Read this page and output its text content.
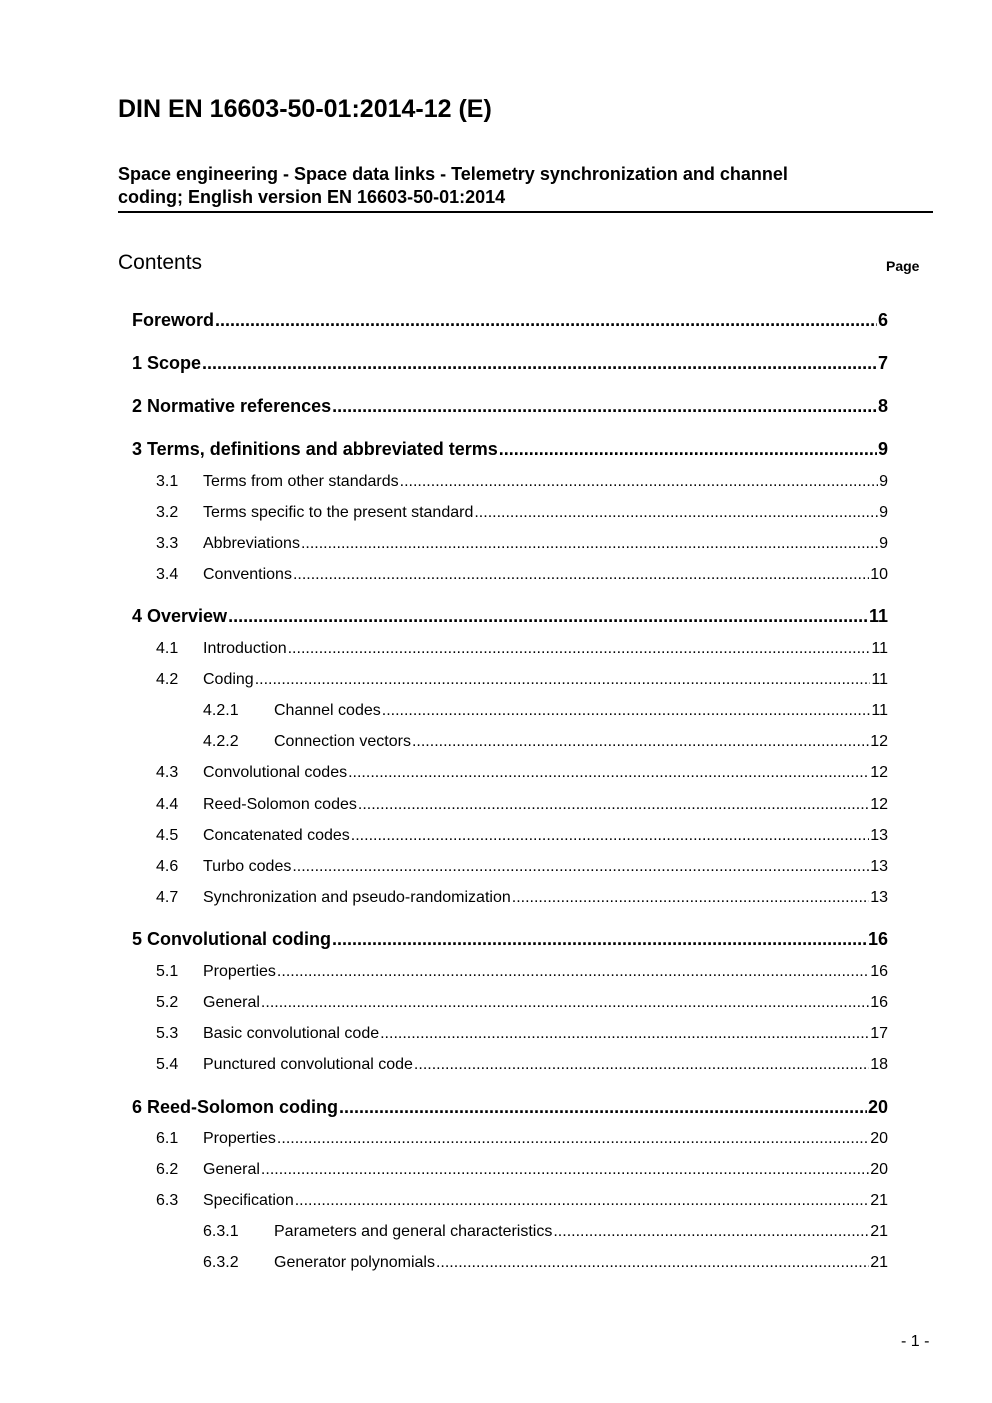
DIN EN 16603-50-01:2014-12 (E)
Space engineering - Space data links - Telemetry synchronization and channel
coding; English version EN 16603-50-01:2014
Contents	Page
Foreword .....	6
1 Scope .....	7
2 Normative references .....	8
3 Terms, definitions and abbreviated terms .....	9
3.1	Terms from other standards .....	9
3.2	Terms specific to the present standard .....	9
3.3	Abbreviations .....	9
3.4	Conventions .....	10
4 Overview .....	11
4.1	Introduction .....	11
4.2	Coding .....	11
4.2.1	Channel codes .....	11
4.2.2	Connection vectors .....	12
4.3	Convolutional codes .....	12
4.4	Reed-Solomon codes .....	12
4.5	Concatenated codes .....	13
4.6	Turbo codes .....	13
4.7	Synchronization and pseudo-randomization .....	13
5 Convolutional coding .....	16
5.1	Properties .....	16
5.2	General .....	16
5.3	Basic convolutional code .....	17
5.4	Punctured convolutional code .....	18
6 Reed-Solomon coding .....	20
6.1	Properties .....	20
6.2	General .....	20
6.3	Specification .....	21
6.3.1	Parameters and general characteristics .....	21
6.3.2	Generator polynomials .....	21
- 1 -
